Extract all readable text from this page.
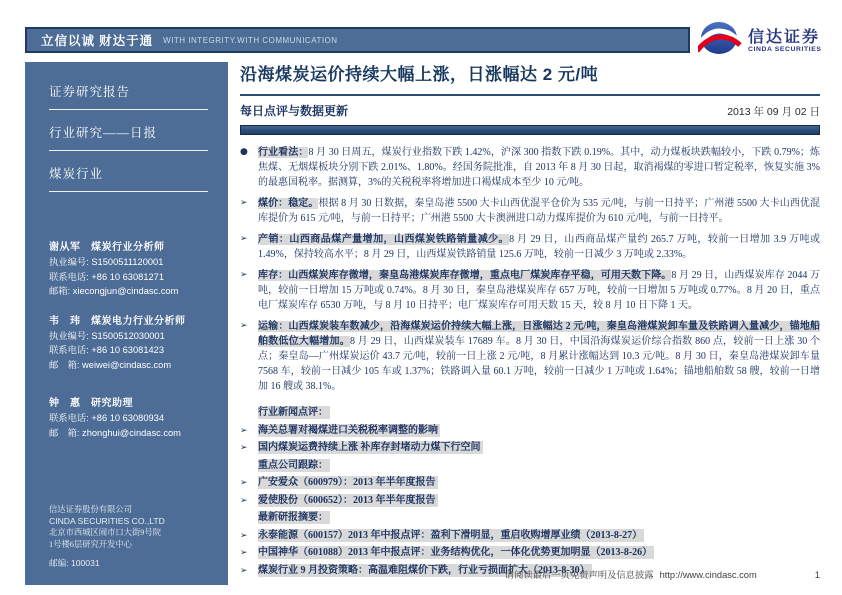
立信以诚 财达于通 WITH INTEGRITY.WITH COMMUNICATION	信达证券
CINDA SECURITIES
证券研究报告
行业研究——日报
煤炭行业
谢从军　煤炭行业分析师
执业编号: S1500511120001
联系电话: +86 10 63081271
邮箱: xiecongjun@cindasc.com
韦　玮　煤炭电力行业分析师
执业编号: S1500512030001
联系电话: +86 10 63081423
邮　箱: weiwei@cindasc.com
钟　惠　研究助理
联系电话: +86 10 63080934
邮　箱: zhonghui@cindasc.com
信达证券股份有限公司
CINDA SECURITIES CO.,LTD
北京市西城区闹市口大街9号院
1号楼6层研究开发中心
邮编: 100031
沿海煤炭运价持续大幅上涨，日涨幅达 2 元/吨
每日点评与数据更新	2013 年 09 月 02 日
●	行业看法：8 月 30 日周五，煤炭行业指数下跌 1.42%，沪深 300 指数下跌 0.19%。其中，动力煤板块跌幅较小，下跌 0.79%；炼焦煤、无烟煤板块分别下跌 2.01%、1.80%。经国务院批准，自 2013 年 8 月 30 日起，取消褐煤的零进口暂定税率，恢复实施 3%的最惠国税率。据测算，3%的关税税率将增加进口褐煤成本至少 10 元/吨。
➢	煤价：稳定。根据 8 月 30 日数据，秦皇岛港 5500 大卡山西优混平仓价为 535 元/吨，与前一日持平；广州港 5500 大卡山西优混库提价为 615 元/吨，与前一日持平；广州港 5500 大卡澳洲进口动力煤库提价为 610 元/吨，与前一日持平。
➢	产销：山西商品煤产量增加，山西煤炭铁路销量减少。8 月 29 日，山西商品煤产量约 265.7 万吨，较前一日增加 3.9 万吨或 1.49%，保持较高水平；8 月 29 日，山西煤炭铁路销量 125.6 万吨，较前一日减少 3 万吨或 2.33%。
➢	库存：山西煤炭库存微增，秦皇岛港煤炭库存微增，重点电厂煤炭库存平稳，可用天数下降。8 月 29 日，山西煤炭库存 2044 万吨，较前一日增加 15 万吨或 0.74%。8 月 30 日，秦皇岛港煤炭库存 657 万吨，较前一日增加 5 万吨或 0.77%。8 月 20 日，重点电厂煤炭库存 6530 万吨，与 8 月 10 日持平；电厂煤炭库存可用天数 15 天，较 8 月 10 日下降 1 天。
➢	运输：山西煤炭装车数减少，沿海煤炭运价持续大幅上涨，日涨幅达 2 元/吨，秦皇岛港煤炭卸车量及铁路调入量减少，锚地船舶数低位大幅增加。8 月 29 日，山西煤炭装车 17689 车。8 月 30 日，中国沿海煤炭运价综合指数 860 点，较前一日上涨 30 个点；秦皇岛—广州煤炭运价 43.7 元/吨，较前一日上涨 2 元/吨，8 月累计涨幅达到 10.3 元/吨。8 月 30 日，秦皇岛港煤炭卸车量 7568 车，较前一日减少 105 车或 1.37%；铁路调入量 60.1 万吨，较前一日减少 1 万吨或 1.64%；锚地船舶数 58 艘，较前一日增加 16 艘或 38.1%。
行业新闻点评：
➢	海关总署对褐煤进口关税税率调整的影响
➢	国内煤炭运费持续上涨 补库存封堵动力煤下行空间
重点公司跟踪：
➢	广安爱众（600979）：2013 年半年度报告
➢	爱使股份（600652）：2013 年半年度报告
最新研报摘要：
➢	永泰能源（600157）2013 年中报点评：盈利下滑明显，重启收购增厚业绩（2013-8-27）
➢	中国神华（601088）2013 年中报点评：业务结构优化，一体化优势更加明显（2013-8-26）
➢	煤炭行业 9 月投资策略：高温难阻煤价下跌，行业亏损面扩大（2013-8-30）
请阅读最后一页免责声明及信息披露 http://www.cindasc.com	1
